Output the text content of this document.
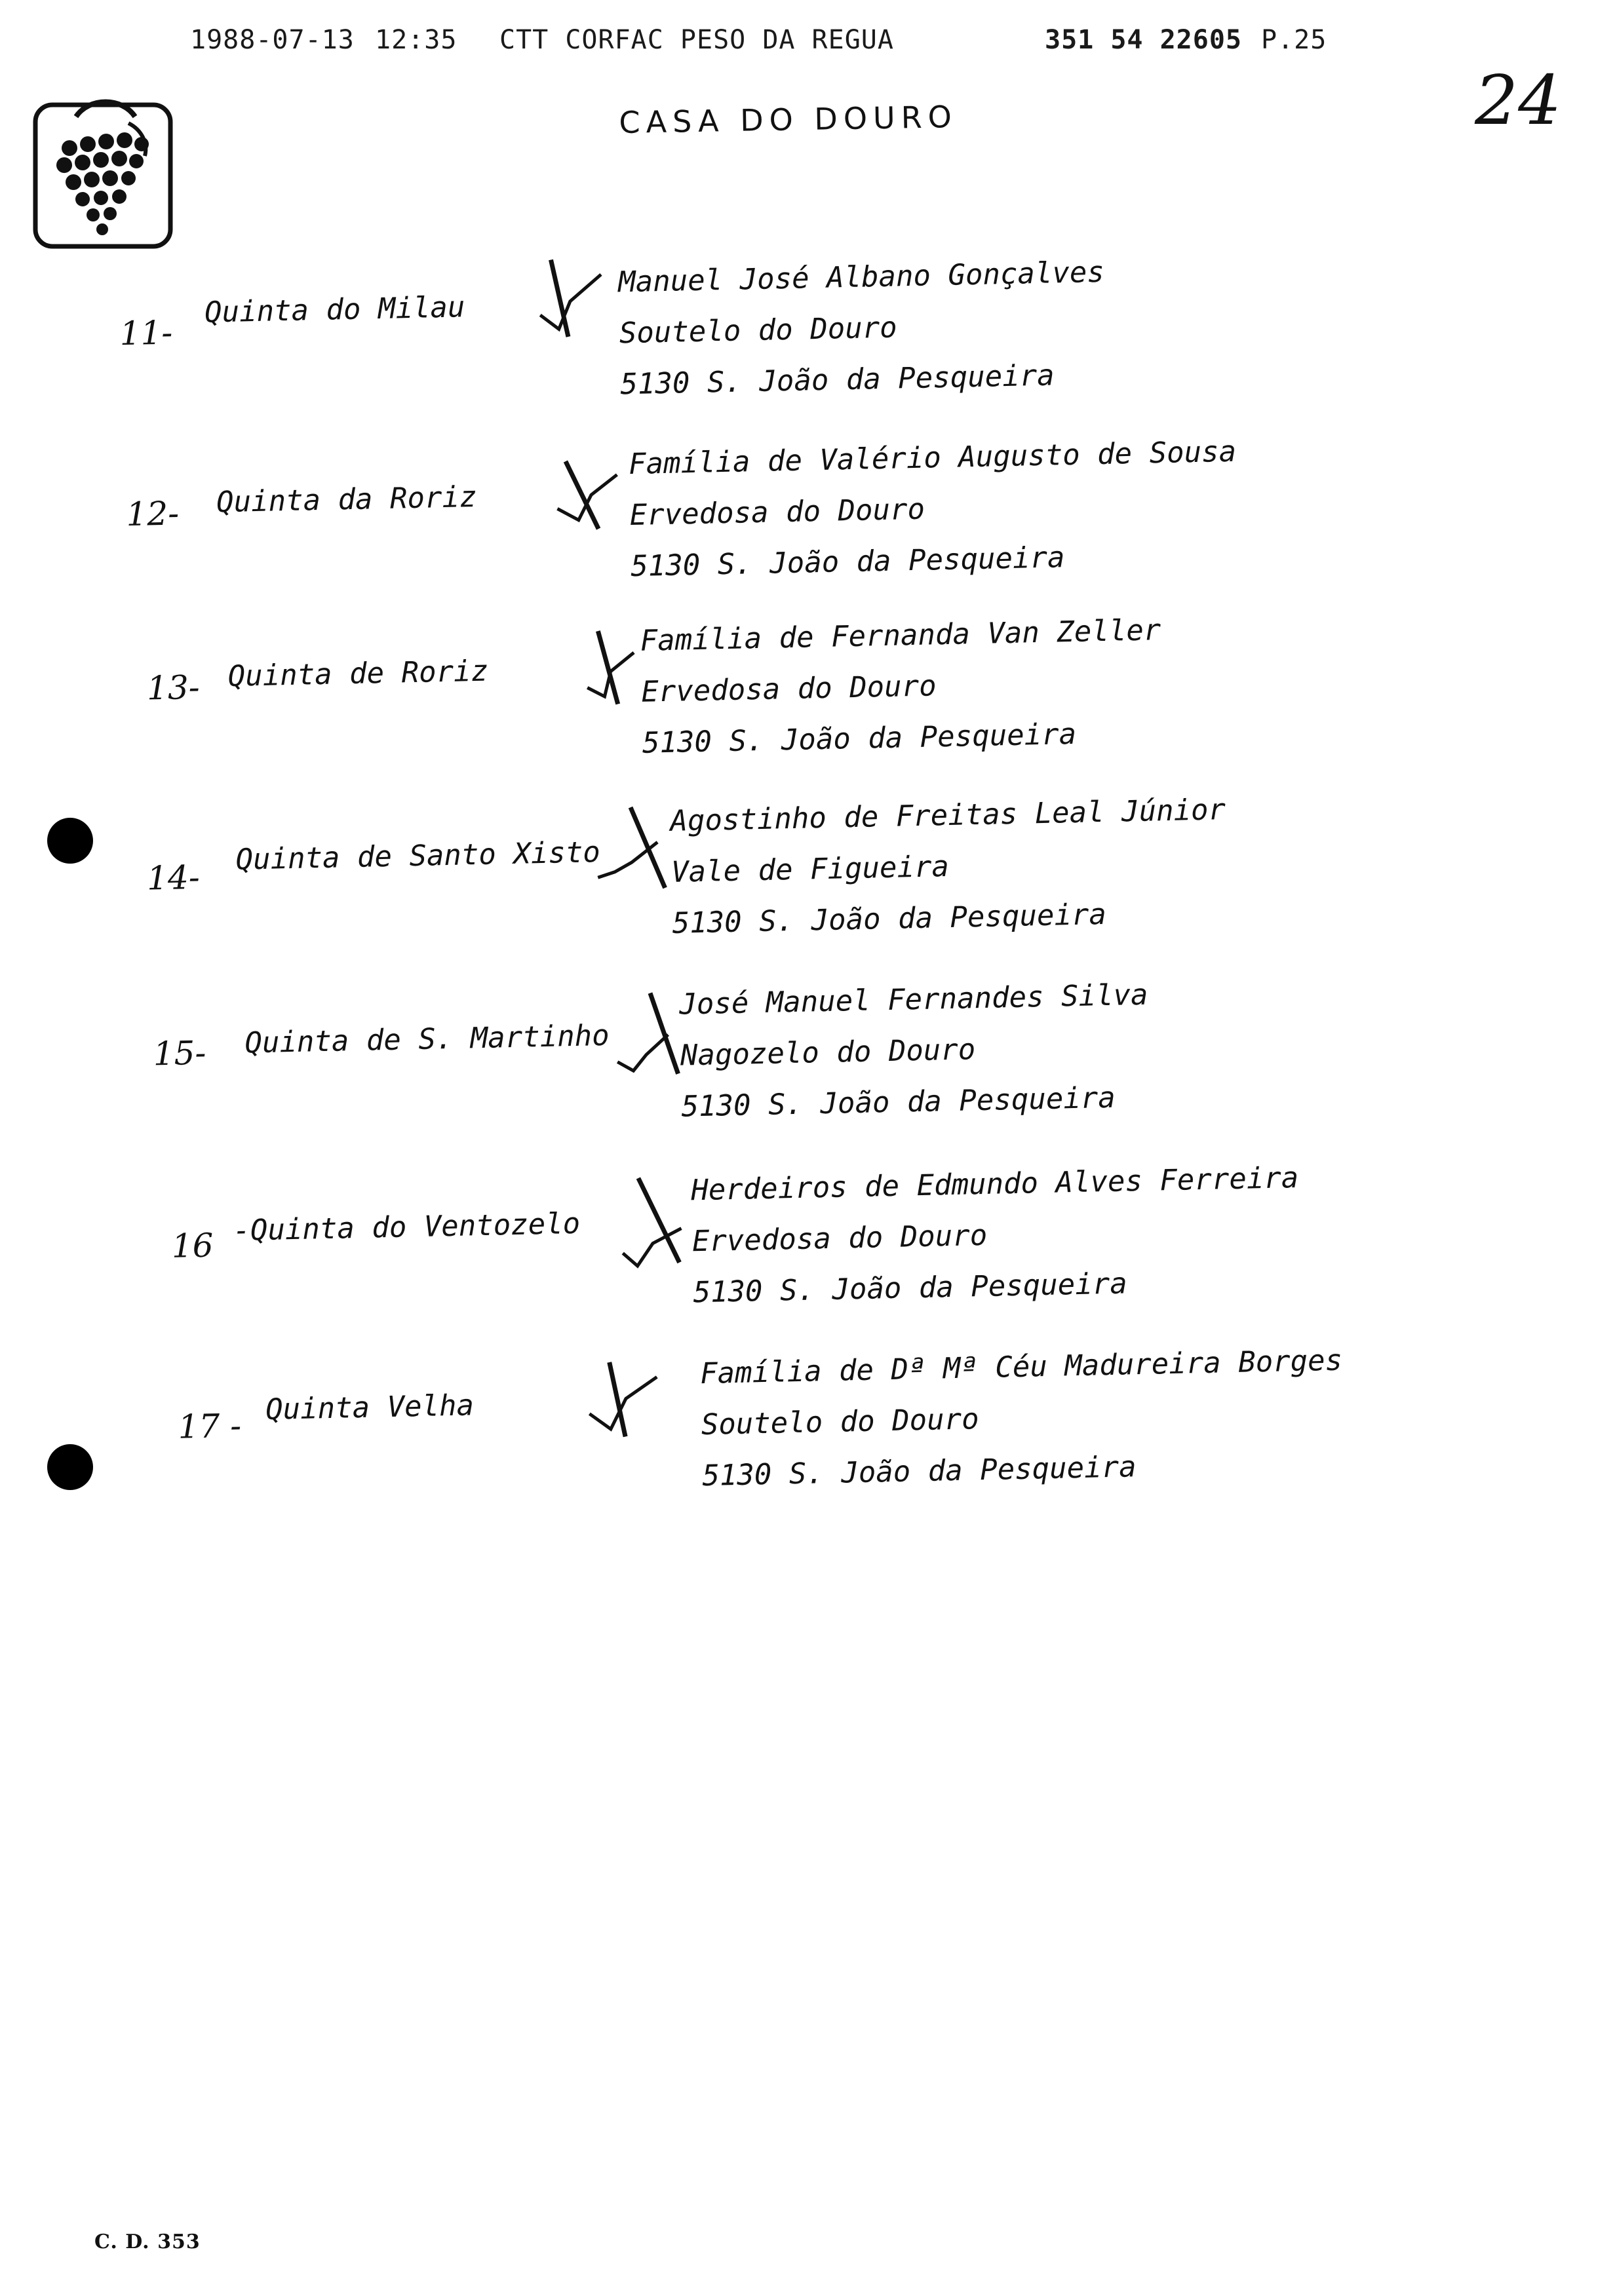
1988-07-13 12:35 CTT CORFAC PESO DA REGUA	351 54 22605 P.25
24
CASA DO DOURO
11-
Quinta do Milau
Manuel José Albano Gonçalves
Soutelo do Douro
5130 S. João da Pesqueira
12- Quinta da Roriz
Família de Valério Augusto de Sousa
Ervedosa do Douro
5130 S. João da Pesqueira
13- Quinta de Roriz
Família de Fernanda Van Zeller
Ervedosa do Douro
5130 S. João da Pesqueira
14-
Quinta de Santo Xisto
Agostinho de Freitas Leal Júnior
Vale de Figueira
5130 S. João da Pesqueira
15- Quinta de S. Martinho
José Manuel Fernandes Silva
Nagozelo do Douro
5130 S. João da Pesqueira
16 -Quinta do Ventozelo
Herdeiros de Edmundo Alves Ferreira
Ervedosa do Douro
5130 S. João da Pesqueira
17 - Quinta Velha
Família de Dª Mª Céu Madureira Borges
Soutelo do Douro
5130 S. João da Pesqueira
C. D. 353
